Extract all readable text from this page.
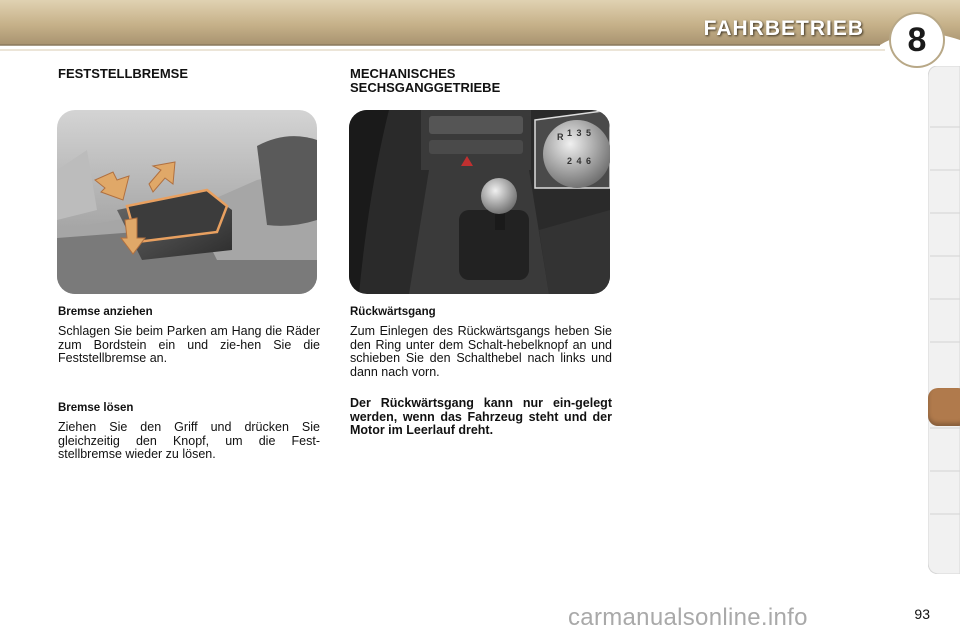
FAHRBETRIEB 8
FESTSTELLBREMSE
Bremse anziehen
Schlagen Sie beim Parken am Hang die Räder zum Bordstein ein und zie-hen Sie die Feststellbremse an.
Bremse lösen
Ziehen Sie den Griff und drücken Sie gleichzeitig den Knopf, um die Fest-stellbremse wieder zu lösen.
MECHANISCHES
SECHSGANGGETRIEBE
R 1 3 5
2 4 6
Rückwärtsgang
Zum Einlegen des Rückwärtsgangs heben Sie den Ring unter dem Schalt-hebelknopf an und schieben Sie den Schalthebel nach links und dann nach vorn.
Der Rückwärtsgang kann nur ein-gelegt werden, wenn das Fahrzeug steht und der Motor im Leerlauf dreht.
carmanualsonline.info	93
